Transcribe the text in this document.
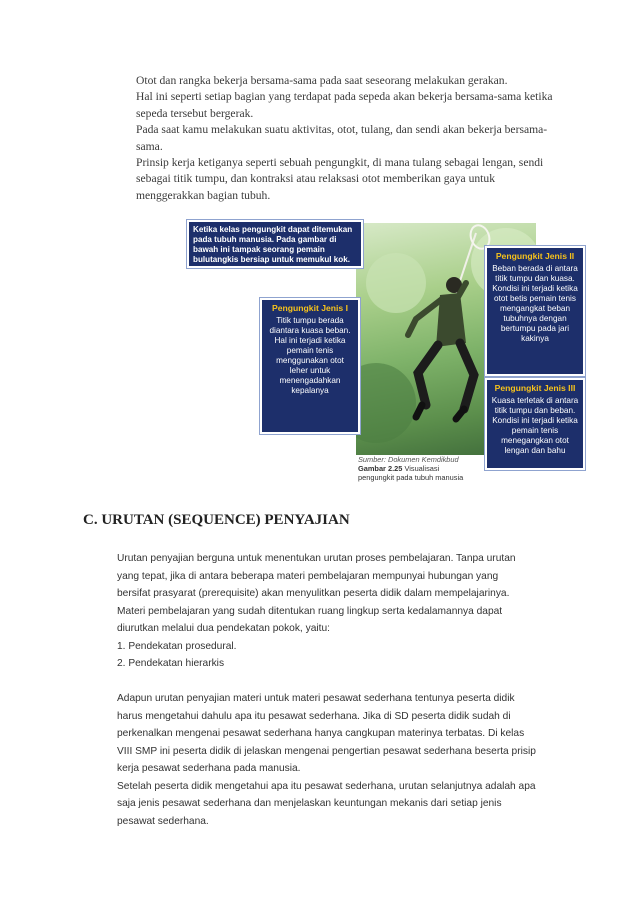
Otot dan rangka bekerja bersama-sama pada saat seseorang melakukan gerakan.

Hal ini seperti setiap bagian yang terdapat pada sepeda akan bekerja bersama-sama ketika

sepeda tersebut bergerak.

Pada saat kamu melakukan suatu aktivitas, otot, tulang, dan sendi akan bekerja bersama-

sama.

Prinsip kerja ketiganya seperti sebuah pengungkit, di mana tulang sebagai lengan, sendi

sebagai titik tumpu, dan kontraksi atau relaksasi otot memberikan gaya untuk

menggerakkan bagian tubuh.

Ketika kelas pengungkit dapat ditemukan pada tubuh manusia. Pada gambar di bawah ini tampak seorang pemain bulutangkis bersiap untuk memukul kok.
Pengungkit Jenis I
Titik tumpu berada diantara kuasa beban. Hal ini terjadi ketika pemain tenis menggunakan otot leher untuk menengadahkan kepalanya
Pengungkit Jenis II
Beban berada di antara titik tumpu dan kuasa. Kondisi ini terjadi ketika otot betis pemain tenis mengangkat beban tubuhnya dengan bertumpu pada jari kakinya
Pengungkit Jenis III
Kuasa terletak di antara titik tumpu dan beban. Kondisi ini terjadi ketika pemain tenis menegangkan otot lengan dan bahu
Sumber: Dokumen Kemdikbud
Gambar 2.25 Visualisasi
pengungkit pada tubuh manusia
C. URUTAN (SEQUENCE) PENYAJIAN

Urutan penyajian berguna untuk menentukan urutan proses pembelajaran. Tanpa urutan

yang tepat, jika di antara beberapa materi pembelajaran mempunyai hubungan yang

bersifat prasyarat (prerequisite) akan menyulitkan peserta didik dalam mempelajarinya.

Materi pembelajaran yang sudah ditentukan ruang lingkup serta kedalamannya dapat

diurutkan melalui dua pendekatan pokok, yaitu:

1. Pendekatan prosedural.

2. Pendekatan hierarkis

Adapun urutan penyajian materi untuk materi pesawat sederhana tentunya peserta didik

harus mengetahui dahulu apa itu pesawat sederhana. Jika di SD peserta didik sudah di

perkenalkan mengenai pesawat sederhana hanya cangkupan materinya terbatas. Di kelas

VIII SMP ini peserta didik di jelaskan mengenai pengertian pesawat sederhana beserta prisip

kerja pesawat sederhana pada manusia.

Setelah peserta didik mengetahui apa itu pesawat sederhana, urutan selanjutnya adalah apa

saja jenis pesawat sederhana dan menjelaskan keuntungan mekanis dari setiap jenis

pesawat sederhana.
